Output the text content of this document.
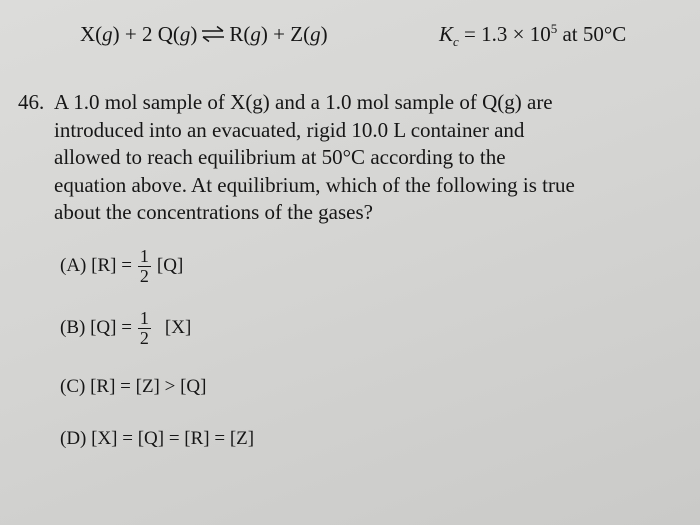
X(g) + 2 Q(g) ⇌ R(g) + Z(g)	$K_c = 1.3 \times 10^5$ at 50°C
46. A 1.0 mol sample of X(g) and a 1.0 mol sample of Q(g) are
introduced into an evacuated, rigid 10.0 L container and
allowed to reach equilibrium at 50°C according to the
equation above. At equilibrium, which of the following is true
about the concentrations of the gases?
(A) $[R] = \frac{1}{2} [Q]$
(B) $[Q] = \frac{1}{2} [X]$
(C) [R] = [Z] > [Q]
(D) [X] = [Q] = [R] = [Z]
